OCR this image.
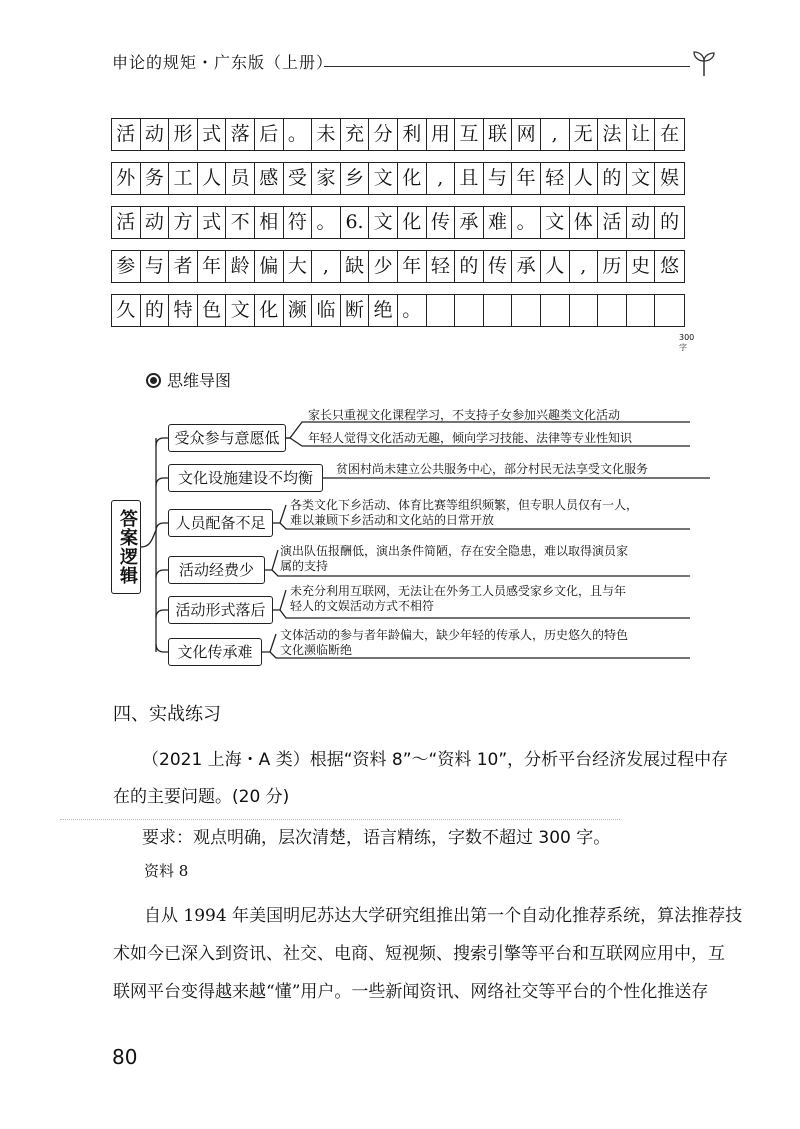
申论的规矩・广东版（上册）
活 动 形 式 落 后 。 未 充 分 利 用 互 联 网 , 无 法 让 在
外 务 工 人 员 感 受 家 乡 文 化 , 且 与 年 轻 人 的 文 娱
活 动 方 式 不 相 符 。 6. 文 化 传 承 难 。 文 体 活 动 的
参 与 者 年 龄 偏 大 , 缺 少 年 轻 的 传 承 人 , 历 史 悠
久 的 特 色 文 化 濒 临 断 绝 。
300字
思维导图
答案逻辑
受众参与意愿低
文化设施建设不均衡
人员配备不足
活动经费少
活动形式落后
文化传承难
家长只重视文化课程学习，不支持子女参加兴趣类文化活动
年轻人觉得文化活动无趣，倾向学习技能、法律等专业性知识
贫困村尚未建立公共服务中心，部分村民无法享受文化服务
各类文化下乡活动、体育比赛等组织频繁，但专职人员仅有一人，
难以兼顾下乡活动和文化站的日常开放
演出队伍报酬低，演出条件简陋，存在安全隐患，难以取得演员家
属的支持
未充分利用互联网，无法让在外务工人员感受家乡文化，且与年
轻人的文娱活动方式不相符
文体活动的参与者年龄偏大，缺少年轻的传承人，历史悠久的特色
文化濒临断绝
四、实战练习
（2021 上海・A 类）根据“资料 8”～“资料 10”，分析平台经济发展过程中存
在的主要问题。(20 分)
要求：观点明确，层次清楚，语言精练，字数不超过 300 字。
资料 8
自从 1994 年美国明尼苏达大学研究组推出第一个自动化推荐系统，算法推荐技
术如今已深入到资讯、社交、电商、短视频、搜索引擎等平台和互联网应用中，互
联网平台变得越来越“懂”用户。一些新闻资讯、网络社交等平台的个性化推送存
80
